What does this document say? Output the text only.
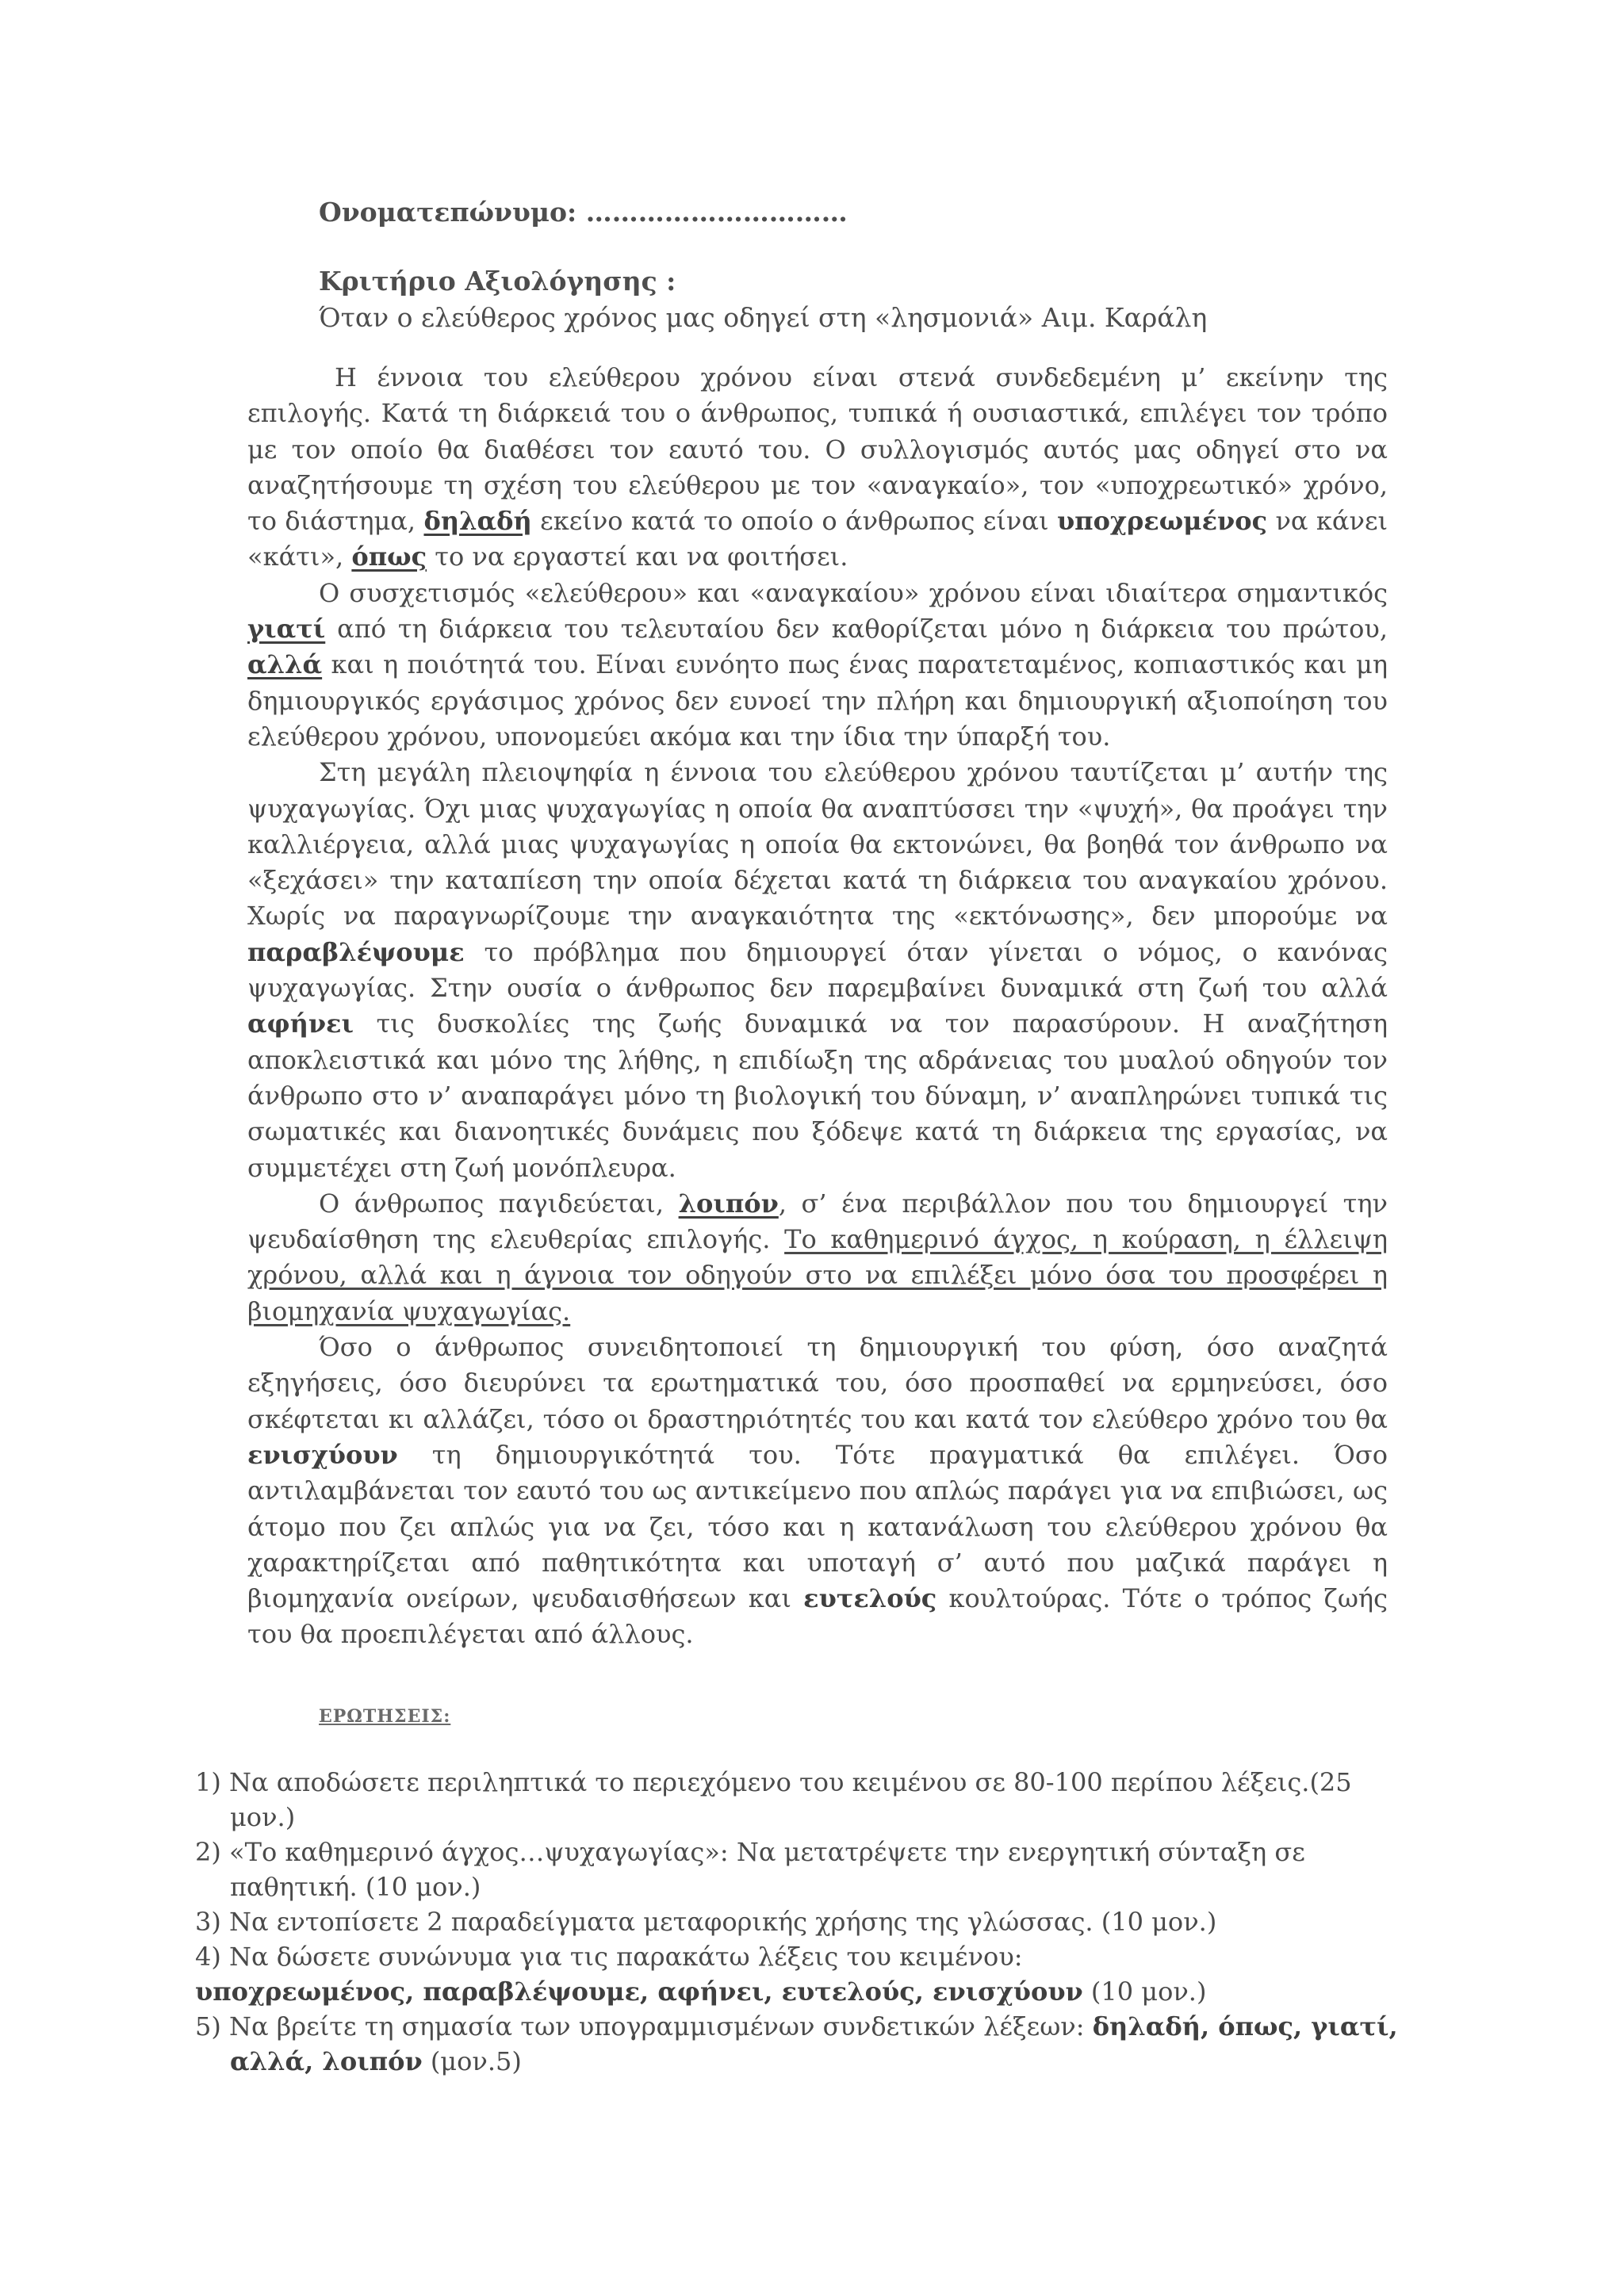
Ονοματεπώνυμο: …………………………
Κριτήριο Αξιολόγησης :
Όταν ο ελεύθερος χρόνος μας οδηγεί στη «λησμονιά» Αιμ. Καράλη

Η έννοια του ελεύθερου χρόνου είναι στενά συνδεδεμένη μ’ εκείνην της επιλογής. Κατά τη διάρκειά του ο άνθρωπος, τυπικά ή ουσιαστικά, επιλέγει τον τρόπο με τον οποίο θα διαθέσει τον εαυτό του. Ο συλλογισμός αυτός μας οδηγεί στο να αναζητήσουμε τη σχέση του ελεύθερου με τον «αναγκαίο», τον «υποχρεωτικό» χρόνο, το διάστημα, δηλαδή εκείνο κατά το οποίο ο άνθρωπος είναι υποχρεωμένος να κάνει «κάτι», όπως το να εργαστεί και να φοιτήσει.

Ο συσχετισμός «ελεύθερου» και «αναγκαίου» χρόνου είναι ιδιαίτερα σημαντικός γιατί από τη διάρκεια του τελευταίου δεν καθορίζεται μόνο η διάρκεια του πρώτου, αλλά και η ποιότητά του. Είναι ευνόητο πως ένας παρατεταμένος, κοπιαστικός και μη δημιουργικός εργάσιμος χρόνος δεν ευνοεί την πλήρη και δημιουργική αξιοποίηση του ελεύθερου χρόνου, υπονομεύει ακόμα και την ίδια την ύπαρξή του.

Στη μεγάλη πλειοψηφία η έννοια του ελεύθερου χρόνου ταυτίζεται μ’ αυτήν της ψυχαγωγίας. Όχι μιας ψυχαγωγίας η οποία θα αναπτύσσει την «ψυχή», θα προάγει την καλλιέργεια, αλλά μιας ψυχαγωγίας η οποία θα εκτονώνει, θα βοηθά τον άνθρωπο να «ξεχάσει» την καταπίεση την οποία δέχεται κατά τη διάρκεια του αναγκαίου χρόνου. Χωρίς να παραγνωρίζουμε την αναγκαιότητα της «εκτόνωσης», δεν μπορούμε να παραβλέψουμε το πρόβλημα που δημιουργεί όταν γίνεται ο νόμος, ο κανόνας ψυχαγωγίας. Στην ουσία ο άνθρωπος δεν παρεμβαίνει δυναμικά στη ζωή του αλλά αφήνει τις δυσκολίες της ζωής δυναμικά να τον παρασύρουν. Η αναζήτηση αποκλειστικά και μόνο της λήθης, η επιδίωξη της αδράνειας του μυαλού οδηγούν τον άνθρωπο στο ν’ αναπαράγει μόνο τη βιολογική του δύναμη, ν’ αναπληρώνει τυπικά τις σωματικές και διανοητικές δυνάμεις που ξόδεψε κατά τη διάρκεια της εργασίας, να συμμετέχει στη ζωή μονόπλευρα.

Ο άνθρωπος παγιδεύεται, λοιπόν, σ’ ένα περιβάλλον που του δημιουργεί την ψευδαίσθηση της ελευθερίας επιλογής. Το καθημερινό άγχος, η κούραση, η έλλειψη χρόνου, αλλά και η άγνοια τον οδηγούν στο να επιλέξει μόνο όσα του προσφέρει η βιομηχανία ψυχαγωγίας.

Όσο ο άνθρωπος συνειδητοποιεί τη δημιουργική του φύση, όσο αναζητά εξηγήσεις, όσο διευρύνει τα ερωτηματικά του, όσο προσπαθεί να ερμηνεύσει, όσο σκέφτεται κι αλλάζει, τόσο οι δραστηριότητές του και κατά τον ελεύθερο χρόνο του θα ενισχύουν τη δημιουργικότητά του. Τότε πραγματικά θα επιλέγει. Όσο αντιλαμβάνεται τον εαυτό του ως αντικείμενο που απλώς παράγει για να επιβιώσει, ως άτομο που ζει απλώς για να ζει, τόσο και η κατανάλωση του ελεύθερου χρόνου θα χαρακτηρίζεται από παθητικότητα και υποταγή σ’ αυτό που μαζικά παράγει η βιομηχανία ονείρων, ψευδαισθήσεων και ευτελούς κουλτούρας. Τότε ο τρόπος ζωής του θα προεπιλέγεται από άλλους.

ΕΡΩΤΗΣΕΙΣ:
1) Να αποδώσετε περιληπτικά το περιεχόμενο του κειμένου σε 80-100 περίπου λέξεις.(25 μον.)
2) «Το καθημερινό άγχος…ψυχαγωγίας»: Να μετατρέψετε την ενεργητική σύνταξη σε παθητική. (10 μον.)
3) Να εντοπίσετε 2 παραδείγματα μεταφορικής χρήσης της γλώσσας. (10 μον.)
4) Να δώσετε συνώνυμα για τις παρακάτω λέξεις του κειμένου:
υποχρεωμένος, παραβλέψουμε, αφήνει, ευτελούς, ενισχύουν (10 μον.)
5) Να βρείτε τη σημασία των υπογραμμισμένων συνδετικών λέξεων: δηλαδή, όπως, γιατί, αλλά, λοιπόν (μον.5)
